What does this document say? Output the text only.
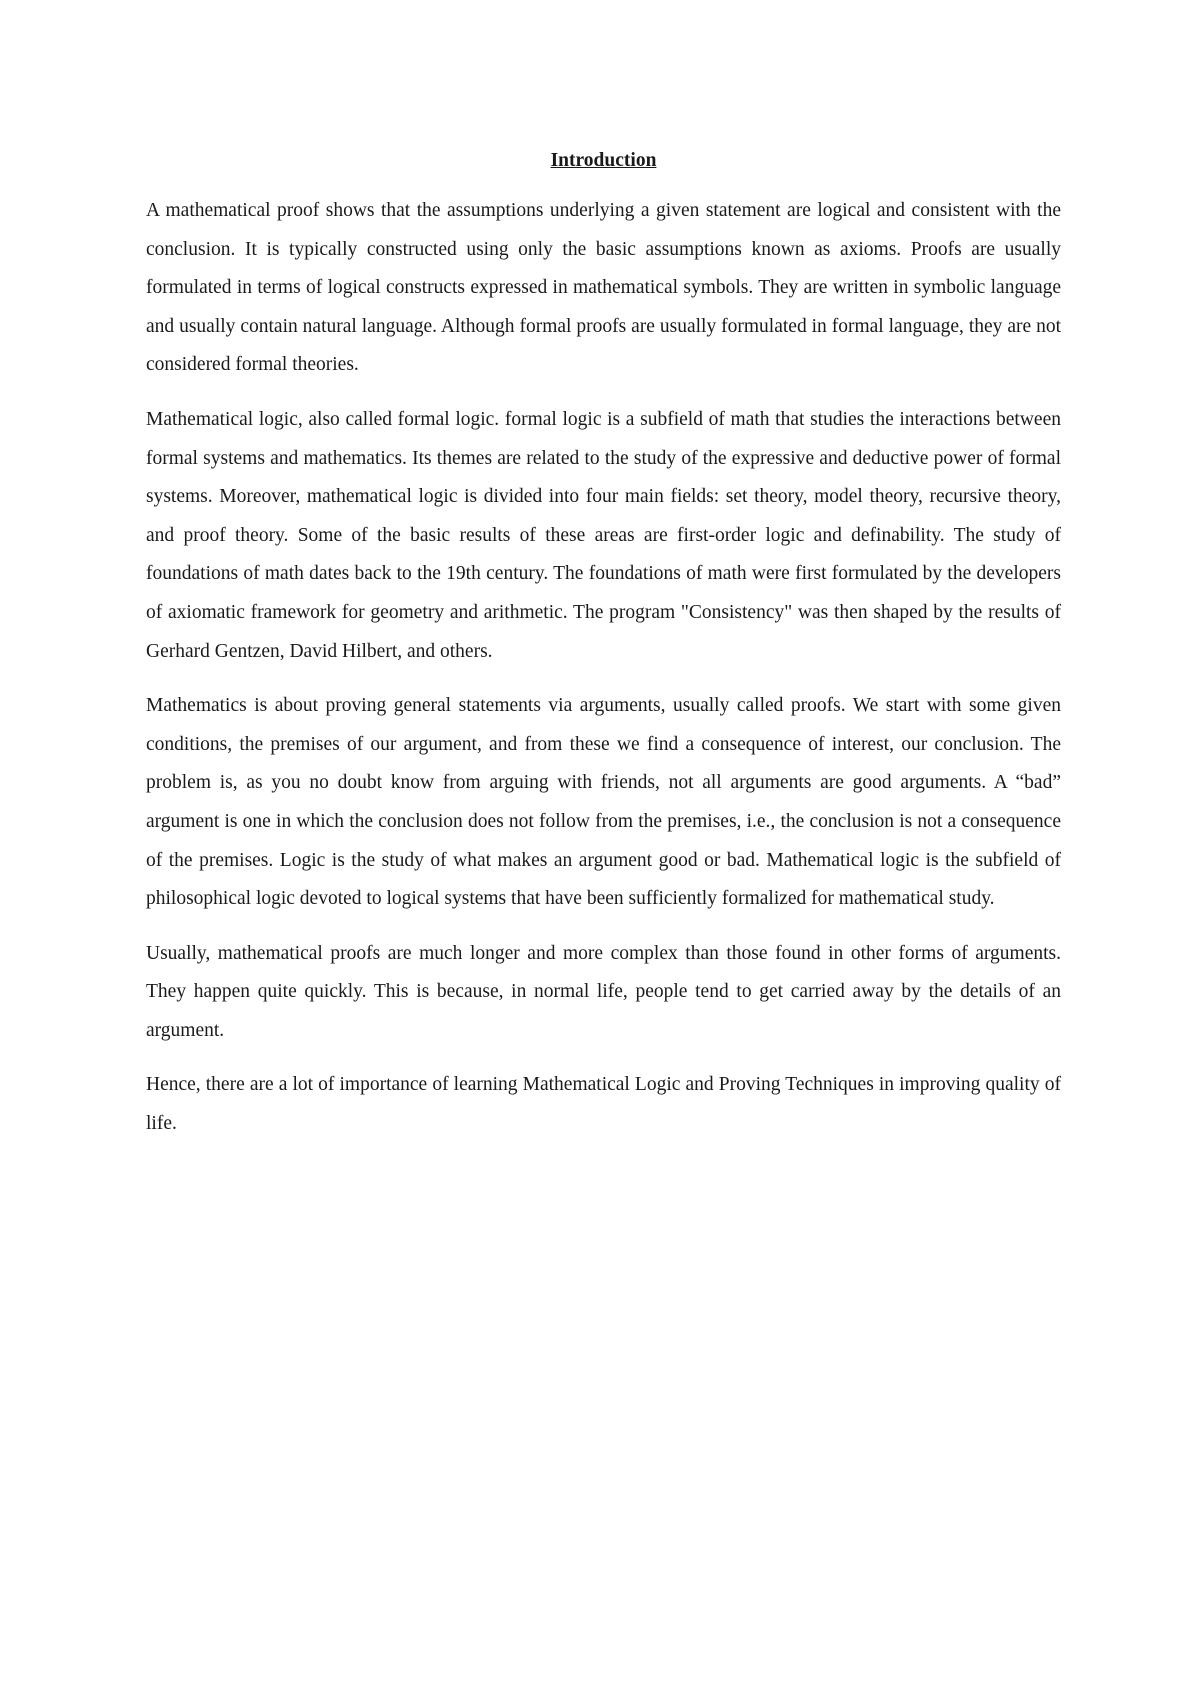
Introduction

A mathematical proof shows that the assumptions underlying a given statement are logical and consistent with the conclusion. It is typically constructed using only the basic assumptions known as axioms. Proofs are usually formulated in terms of logical constructs expressed in mathematical symbols. They are written in symbolic language and usually contain natural language. Although formal proofs are usually formulated in formal language, they are not considered formal theories.

Mathematical logic, also called formal logic. formal logic is a subfield of math that studies the interactions between formal systems and mathematics. Its themes are related to the study of the expressive and deductive power of formal systems. Moreover, mathematical logic is divided into four main fields: set theory, model theory, recursive theory, and proof theory. Some of the basic results of these areas are first-order logic and definability. The study of foundations of math dates back to the 19th century. The foundations of math were first formulated by the developers of axiomatic framework for geometry and arithmetic. The program "Consistency" was then shaped by the results of Gerhard Gentzen, David Hilbert, and others.

Mathematics is about proving general statements via arguments, usually called proofs. We start with some given conditions, the premises of our argument, and from these we find a consequence of interest, our conclusion. The problem is, as you no doubt know from arguing with friends, not all arguments are good arguments. A “bad” argument is one in which the conclusion does not follow from the premises, i.e., the conclusion is not a consequence of the premises. Logic is the study of what makes an argument good or bad. Mathematical logic is the subfield of philosophical logic devoted to logical systems that have been sufficiently formalized for mathematical study.

Usually, mathematical proofs are much longer and more complex than those found in other forms of arguments. They happen quite quickly. This is because, in normal life, people tend to get carried away by the details of an argument.

Hence, there are a lot of importance of learning Mathematical Logic and Proving Techniques in improving quality of life.
